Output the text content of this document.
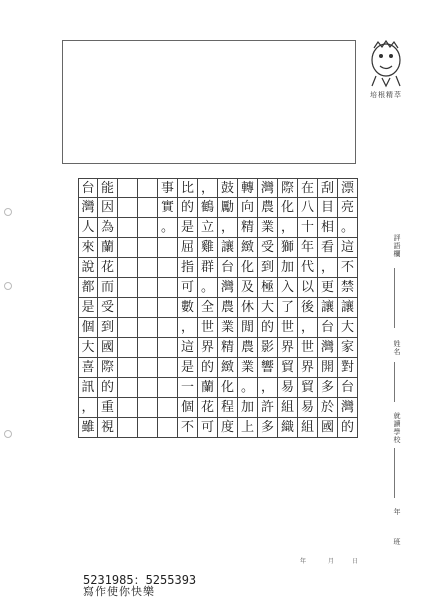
培根精萃
台 能	事 比 ， 鼓 轉 灣 際 在 刮 漂
灣 因	實 的 鶴 勵 向 農 化 八 目 亮
人 為	。 是 立 ， 精 業 ， 十 相 。
來 蘭	屈 雞 讓 緻 受 獅 年 看 這
說 花	指 群 台 化 到 加 代 ， 不
都 而	可 。 灣 及 極 入 以 更 禁
是 受	數 全 農 休 大 了 後 讓 讓
個 到	， 世 業 閒 的 世 ， 台 大
大 國	這 界 精 農 影 界 世 灣 家
喜 際	是 的 緻 業 響 貿 界 開 對
訊 的	一 蘭 化 。 ， 易 貿 多 台
， 重	個 花 程 加 許 組 易 於 灣
雖 視	不 可 度 上 多 織 組 國 的
評語欄
姓名
就讀學校
年
班
年	月	日
5231985：5255393
寫作使你快樂
